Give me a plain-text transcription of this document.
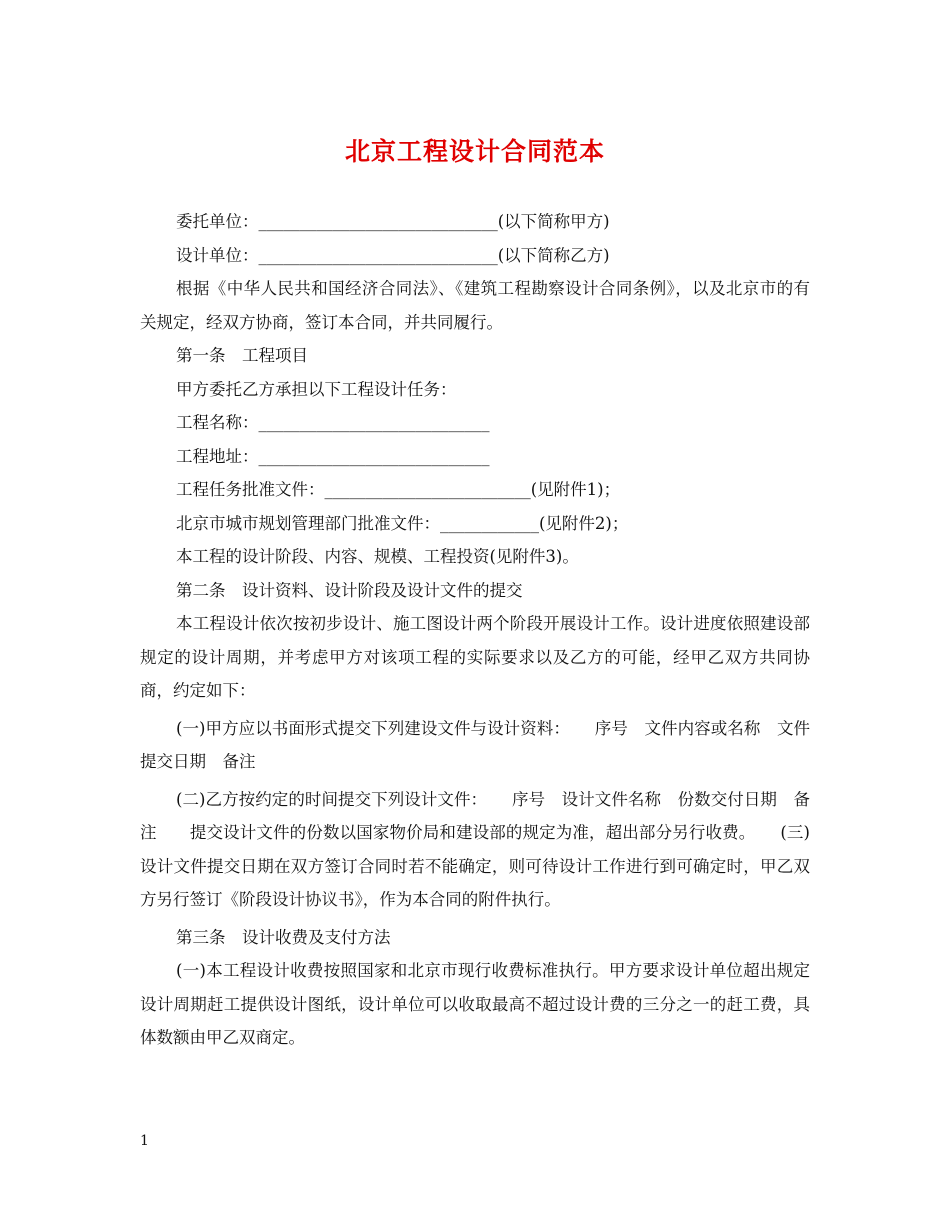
北京工程设计合同范本

委托单位：_____________________________(以下简称甲方)

设计单位：_____________________________(以下简称乙方)

根据《中华人民共和国经济合同法》、《建筑工程勘察设计合同条例》，以及北京市的有关规定，经双方协商，签订本合同，并共同履行。

第一条　工程项目

甲方委托乙方承担以下工程设计任务：

工程名称：____________________________

工程地址：____________________________

工程任务批准文件：_________________________(见附件1)；

北京市城市规划管理部门批准文件：____________(见附件2)；

本工程的设计阶段、内容、规模、工程投资(见附件3)。

第二条　设计资料、设计阶段及设计文件的提交

本工程设计依次按初步设计、施工图设计两个阶段开展设计工作。设计进度依照建设部规定的设计周期，并考虑甲方对该项工程的实际要求以及乙方的可能，经甲乙双方共同协商，约定如下：

(一)甲方应以书面形式提交下列建设文件与设计资料：　　序号　文件内容或名称　文件提交日期　备注

(二)乙方按约定的时间提交下列设计文件：　　序号　设计文件名称　份数交付日期　备注　　提交设计文件的份数以国家物价局和建设部的规定为准，超出部分另行收费。　　(三)设计文件提交日期在双方签订合同时若不能确定，则可待设计工作进行到可确定时，甲乙双方另行签订《阶段设计协议书》，作为本合同的附件执行。

第三条　设计收费及支付方法

(一)本工程设计收费按照国家和北京市现行收费标准执行。甲方要求设计单位超出规定设计周期赶工提供设计图纸，设计单位可以收取最高不超过设计费的三分之一的赶工费，具体数额由甲乙双商定。

1
